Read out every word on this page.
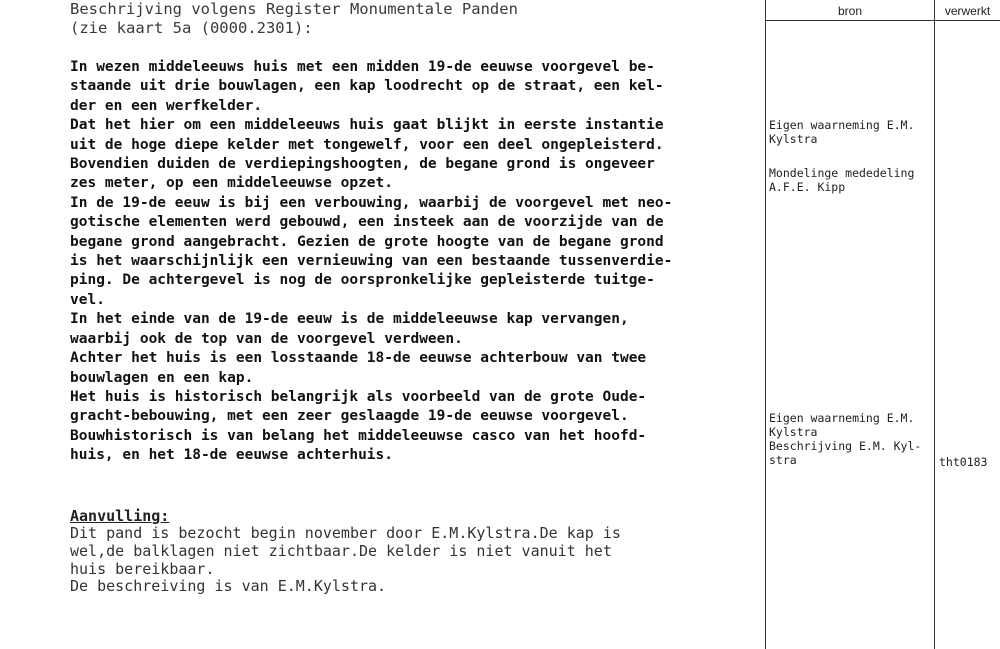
bron	verwerkt
Beschrijving volgens Register Monumentale Panden
(zie kaart 5a (0000.2301):
In wezen middeleeuws huis met een midden 19-de eeuwse voorgevel be-
staande uit drie bouwlagen, een kap loodrecht op de straat, een kel-
der en een werfkelder.
Dat het hier om een middeleeuws huis gaat blijkt in eerste instantie
uit de hoge diepe kelder met tongewelf, voor een deel ongepleisterd.
Bovendien duiden de verdiepingshoogten, de begane grond is ongeveer
zes meter, op een middeleeuwse opzet.
In de 19-de eeuw is bij een verbouwing, waarbij de voorgevel met neo-
gotische elementen werd gebouwd, een insteek aan de voorzijde van de
begane grond aangebracht. Gezien de grote hoogte van de begane grond
is het waarschijnlijk een vernieuwing van een bestaande tussenverdie-
ping. De achtergevel is nog de oorspronkelijke gepleisterde tuitge-
vel.
In het einde van de 19-de eeuw is de middeleeuwse kap vervangen,
waarbij ook de top van de voorgevel verdween.
Achter het huis is een losstaande 18-de eeuwse achterbouw van twee
bouwlagen en een kap.
Het huis is historisch belangrijk als voorbeeld van de grote Oude-
gracht-bebouwing, met een zeer geslaagde 19-de eeuwse voorgevel.
Bouwhistorisch is van belang het middeleeuwse casco van het hoofd-
huis, en het 18-de eeuwse achterhuis.
Aanvulling:
Dit pand is bezocht begin november door E.M.Kylstra.De kap is
wel,de balklagen niet zichtbaar.De kelder is niet vanuit het
huis bereikbaar.
De beschreiving is van E.M.Kylstra.
Eigen waarneming E.M.
Kylstra
Mondelinge mededeling
A.F.E. Kipp
Eigen waarneming E.M.
Kylstra
Beschrijving E.M. Kyl-
stra	tht0183
